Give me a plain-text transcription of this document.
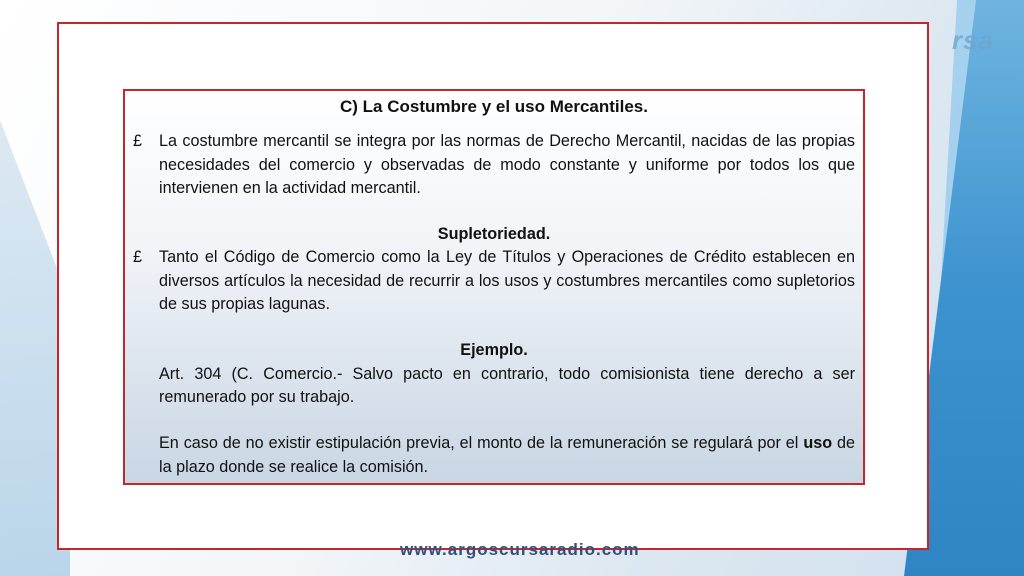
rsa
www.argoscursaradio.com

C) La Costumbre y el uso Mercantiles.

£	La costumbre mercantil se integra por las normas de Derecho Mercantil, nacidas de las propias necesidades del comercio y observadas de modo constante y uniforme por todos los que intervienen en la actividad mercantil.

Supletoriedad.

£	Tanto el Código de Comercio como la Ley de Títulos y Operaciones de Crédito establecen en diversos artículos la necesidad de recurrir a los usos y costumbres mercantiles como supletorios de sus propias lagunas.

Ejemplo.

Art. 304 (C. Comercio.- Salvo pacto en contrario, todo comisionista tiene derecho a ser remunerado por su trabajo.

En caso de no existir estipulación previa, el monto de la remuneración se regulará por el uso de la plazo donde se realice la comisión.
